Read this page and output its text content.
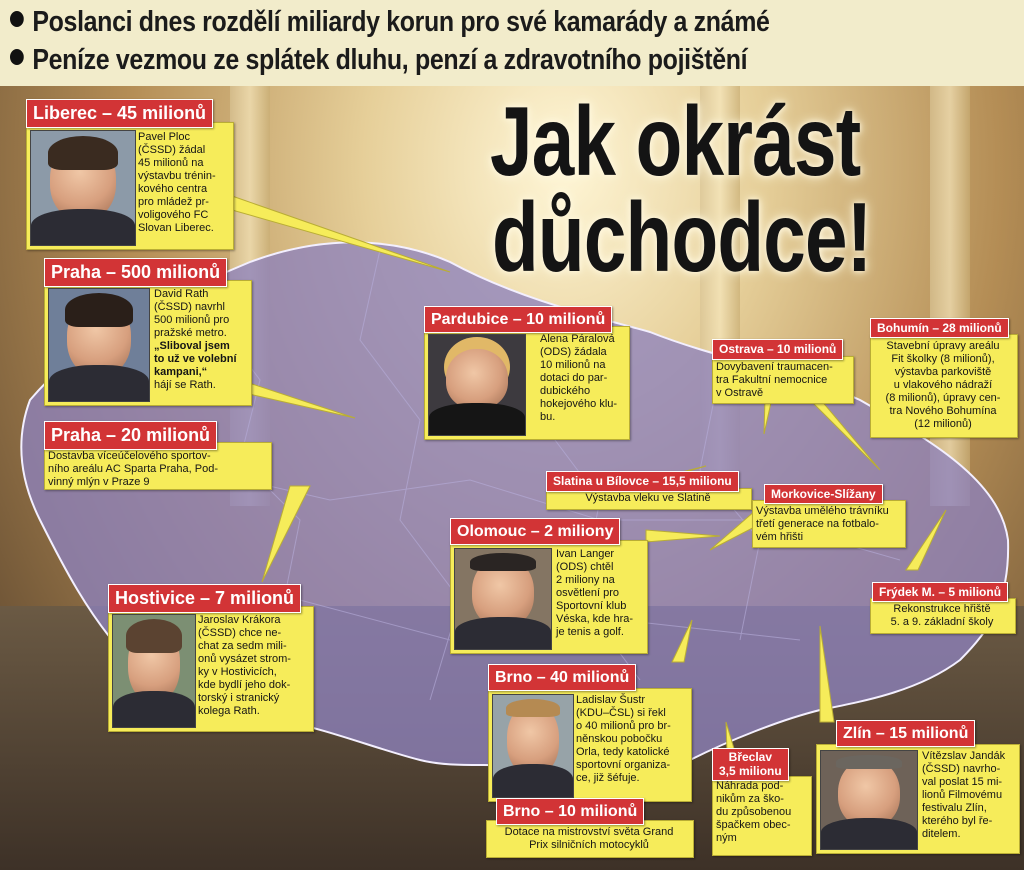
Poslanci dnes rozdělí miliardy korun pro své kamarády a známé
Peníze vezmou ze splátek dluhu, penzí a zdravotního pojištění
Jak okrást
důchodce!
Liberec – 45 milionů
Pavel Ploc
(ČSSD) žádal
45 milionů na
výstavbu trénin-
kového centra
pro mládež pr-
voligového FC
Slovan Liberec.
Praha – 500 milionů
David Rath
(ČSSD) navrhl
500 milionů pro
pražské metro.
„Sliboval jsem
to už ve volební
kampani,“
hájí se Rath.
Praha – 20 milionů
Dostavba víceúčelového sportov-
ního areálu AC Sparta Praha, Pod-
vinný mlýn v Praze 9
Hostivice – 7 milionů
Jaroslav Krákora
(ČSSD) chce ne-
chat za sedm mili-
onů vysázet strom-
ky v Hostivicích,
kde bydlí jeho dok-
torský i stranický
kolega Rath.
Pardubice – 10 milionů
Alena Páralová
(ODS) žádala
10 milionů na
dotaci do par-
dubického
hokejového klu-
bu.
Ostrava – 10 milionů
Dovybavení traumacen-
tra Fakultní nemocnice
v Ostravě
Bohumín – 28 milionů
Stavební úpravy areálu
Fit školky (8 milionů),
výstavba parkoviště
u vlakového nádraží
(8 milionů), úpravy cen-
tra Nového Bohumína
(12 milionů)
Slatina u Bílovce – 15,5 milionu
Výstavba vleku ve Slatině	Morkovice-Slížany
Výstavba umělého trávníku
třetí generace na fotbalo-
vém hřišti
Olomouc – 2 miliony
Ivan Langer
(ODS) chtěl
2 miliony na
osvětlení pro
Sportovní klub
Véska, kde hra-
je tenis a golf.
Frýdek M. – 5 milionů
Rekonstrukce hřiště
5. a 9. základní školy
Brno – 40 milionů
Ladislav Šustr
(KDU–ČSL) si řekl
o 40 milionů pro br-
něnskou pobočku
Orla, tedy katolické
sportovní organiza-
ce, již šéfuje.
Brno – 10 milionů
Dotace na mistrovství světa Grand
Prix silničních motocyklů
Břeclav
3,5 milionu
Náhrada pod-
nikům za ško-
du způsobenou
špačkem obec-
ným
Zlín – 15 milionů
Vítězslav Jandák
(ČSSD) navrho-
val poslat 15 mi-
lionů Filmovému
festivalu Zlín,
kterého byl ře-
ditelem.
